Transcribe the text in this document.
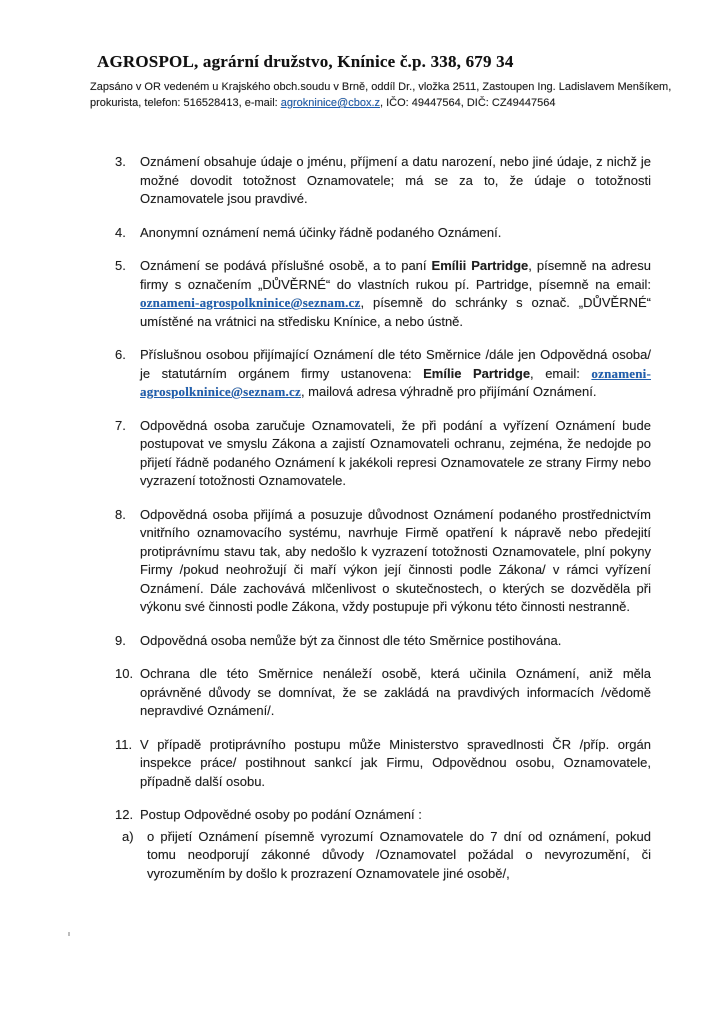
AGROSPOL, agrární družstvo, Knínice č.p. 338, 679 34
Zapsáno v OR vedeném u Krajského obch.soudu v Brně, oddíl Dr., vložka 2511, Zastoupen Ing. Ladislavem Menšíkem,
prokurista, telefon: 516528413, e-mail: agrokninice@cbox.z, IČO: 49447564, DIČ: CZ49447564
3.	Oznámení obsahuje údaje o jménu, příjmení a datu narození, nebo jiné údaje, z nichž je možné dovodit totožnost Oznamovatele; má se za to, že údaje o totožnosti Oznamovatele jsou pravdivé.

4.	Anonymní oznámení nemá účinky řádně podaného Oznámení.

5.	Oznámení se podává příslušné osobě, a to paní Emílii Partridge, písemně na adresu firmy s označením „DŮVĚRNÉ“ do vlastních rukou pí. Partridge, písemně na email: oznameni-agrospolkninice@seznam.cz, písemně do schránky s označ. „DŮVĚRNÉ“ umístěné na vrátnici na středisku Knínice, a nebo ústně.

6.	Příslušnou osobou přijímající Oznámení dle této Směrnice /dále jen Odpovědná osoba/ je statutárním orgánem firmy ustanovena: Emílie Partridge, email: oznameni-agrospolkninice@seznam.cz, mailová adresa výhradně pro přijímání Oznámení.

7.	Odpovědná osoba zaručuje Oznamovateli, že při podání a vyřízení Oznámení bude postupovat ve smyslu Zákona a zajistí Oznamovateli ochranu, zejména, že nedojde po přijetí řádně podaného Oznámení k jakékoli represi Oznamovatele ze strany Firmy nebo vyzrazení totožnosti Oznamovatele.

8.	Odpovědná osoba přijímá a posuzuje důvodnost Oznámení podaného prostřednictvím vnitřního oznamovacího systému, navrhuje Firmě opatření k nápravě nebo předejití protiprávnímu stavu tak, aby nedošlo k vyzrazení totožnosti Oznamovatele, plní pokyny Firmy /pokud neohrožují či maří výkon její činnosti podle Zákona/ v rámci vyřízení Oznámení. Dále zachovává mlčenlivost o skutečnostech, o kterých se dozvěděla při výkonu své činnosti podle Zákona, vždy postupuje při výkonu této činnosti nestranně.

9.	Odpovědná osoba nemůže být za činnost dle této Směrnice postihována.

10. Ochrana dle této Směrnice nenáleží osobě, která učinila Oznámení, aniž měla oprávněné důvody se domnívat, že se zakládá na pravdivých informacích /vědomě nepravdivé Oznámení/.

11. V případě protiprávního postupu může Ministerstvo spravedlnosti ČR /příp. orgán inspekce práce/ postihnout sankcí jak Firmu, Odpovědnou osobu, Oznamovatele, případně další osobu.

12. Postup Odpovědné osoby po podání Oznámení :

a)	o přijetí Oznámení písemně vyrozumí Oznamovatele do 7 dní od oznámení, pokud tomu neodporují zákonné důvody /Oznamovatel požádal o nevyrozumění, či vyrozuměním by došlo k prozrazení Oznamovatele jiné osobě/,
